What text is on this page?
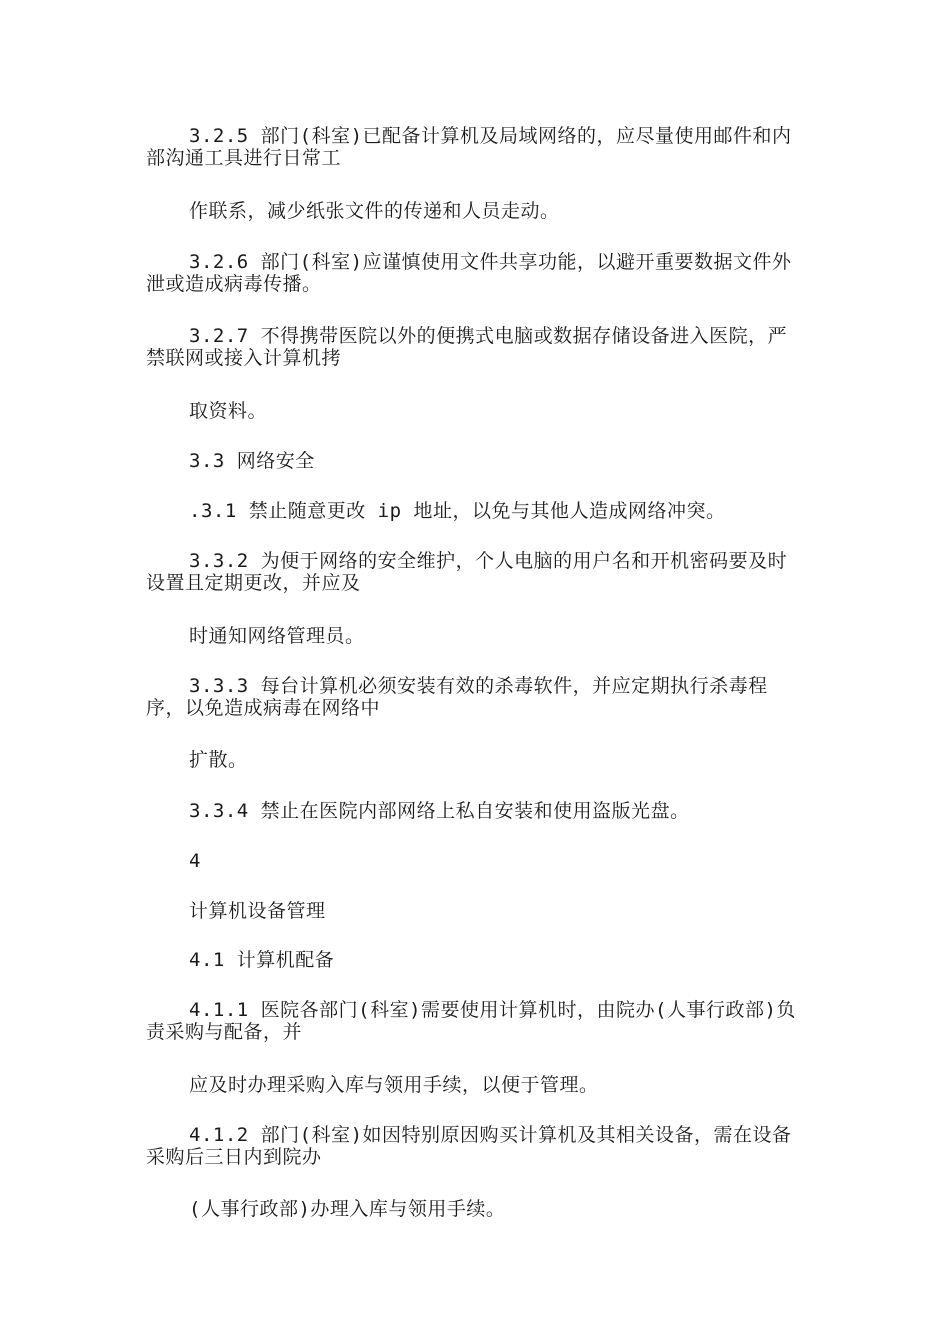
3.2.5 部门(科室)已配备计算机及局域网络的，应尽量使用邮件和内部沟通工具进行日常工

作联系，减少纸张文件的传递和人员走动。

3.2.6 部门(科室)应谨慎使用文件共享功能，以避开重要数据文件外泄或造成病毒传播。

3.2.7 不得携带医院以外的便携式电脑或数据存储设备进入医院，严禁联网或接入计算机拷

取资料。

3.3 网络安全

.3.1 禁止随意更改 ip 地址，以免与其他人造成网络冲突。

3.3.2 为便于网络的安全维护，个人电脑的用户名和开机密码要及时设置且定期更改，并应及

时通知网络管理员。

3.3.3 每台计算机必须安装有效的杀毒软件，并应定期执行杀毒程序，以免造成病毒在网络中

扩散。

3.3.4 禁止在医院内部网络上私自安装和使用盗版光盘。

4

计算机设备管理

4.1 计算机配备

4.1.1 医院各部门(科室)需要使用计算机时，由院办(人事行政部)负责采购与配备，并

应及时办理采购入库与领用手续，以便于管理。

4.1.2 部门(科室)如因特别原因购买计算机及其相关设备，需在设备采购后三日内到院办

(人事行政部)办理入库与领用手续。
